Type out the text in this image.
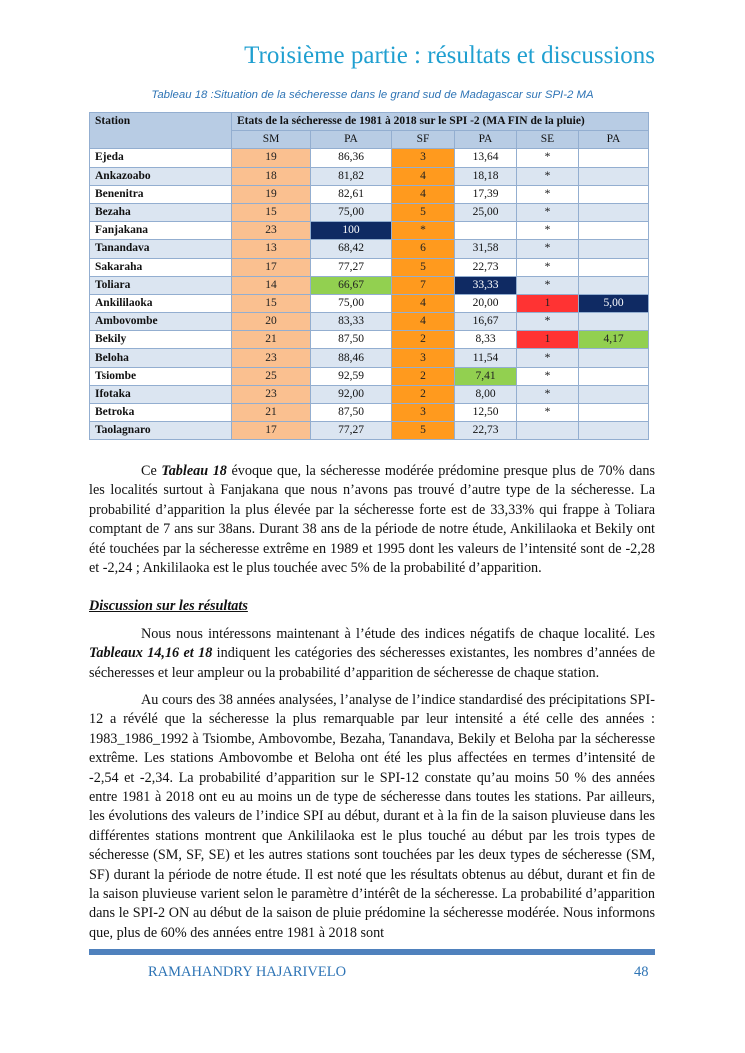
Troisième partie : résultats et discussions
Tableau 18 :Situation de la sécheresse dans le grand sud de Madagascar sur SPI-2 MA
Station	Etats de la sécheresse de 1981 à 2018 sur le SPI -2 (MA FIN de la pluie)					
	SM	PA	SF	PA	SE	PA
Ejeda	19	86,36	3	13,64	*	
Ankazoabo	18	81,82	4	18,18	*	
Benenitra	19	82,61	4	17,39	*	
Bezaha	15	75,00	5	25,00	*	
Fanjakana	23	100	*		*	
Tanandava	13	68,42	6	31,58	*	
Sakaraha	17	77,27	5	22,73	*	
Toliara	14	66,67	7	33,33	*	
Ankililaoka	15	75,00	4	20,00	1	5,00
Ambovombe	20	83,33	4	16,67	*	
Bekily	21	87,50	2	8,33	1	4,17
Beloha	23	88,46	3	11,54	*	
Tsiombe	25	92,59	2	7,41	*	
Ifotaka	23	92,00	2	8,00	*	
Betroka	21	87,50	3	12,50	*	
Taolagnaro	17	77,27	5	22,73		

Ce Tableau 18 évoque que, la sécheresse modérée prédomine presque plus de 70% dans les localités surtout à Fanjakana que nous n’avons pas trouvé d’autre type de la sécheresse. La probabilité d’apparition la plus élevée par la sécheresse forte est de 33,33% qui frappe à Toliara comptant de 7 ans sur 38ans. Durant 38 ans de la période de notre étude, Ankililaoka et Bekily ont été touchées par la sécheresse extrême en 1989 et 1995 dont les valeurs de l’intensité sont de -2,28 et -2,24 ; Ankililaoka est le plus touchée avec 5% de la probabilité d’apparition.

Discussion sur les résultats

Nous nous intéressons maintenant à l’étude des indices négatifs de chaque localité. Les Tableaux 14,16 et 18 indiquent les catégories des sécheresses existantes, les nombres d’années de sécheresses et leur ampleur ou la probabilité d’apparition de sécheresse de chaque station.

Au cours des 38 années analysées, l’analyse de l’indice standardisé des précipitations SPI-12 a révélé que la sécheresse la plus remarquable par leur intensité a été celle des années : 1983_1986_1992 à Tsiombe, Ambovombe, Bezaha, Tanandava, Bekily et Beloha par la sécheresse extrême. Les stations Ambovombe et Beloha ont été les plus affectées en termes d’intensité de -2,54 et -2,34. La probabilité d’apparition sur le SPI-12 constate qu’au moins 50 % des années entre 1981 à 2018 ont eu au moins un de type de sécheresse dans toutes les stations. Par ailleurs, les évolutions des valeurs de l’indice SPI au début, durant et à la fin de la saison pluvieuse dans les différentes stations montrent que Ankililaoka est le plus touché au début par les trois types de sécheresse (SM, SF, SE) et les autres stations sont touchées par les deux types de sécheresse (SM, SF) durant la période de notre étude. Il est noté que les résultats obtenus au début, durant et fin de la saison pluvieuse varient selon le paramètre d’intérêt de la sécheresse. La probabilité d’apparition dans le SPI-2 ON au début de la saison de pluie prédomine la sécheresse modérée. Nous informons que, plus de 60% des années entre 1981 à 2018 sont

RAMAHANDRY HAJARIVELO	48
